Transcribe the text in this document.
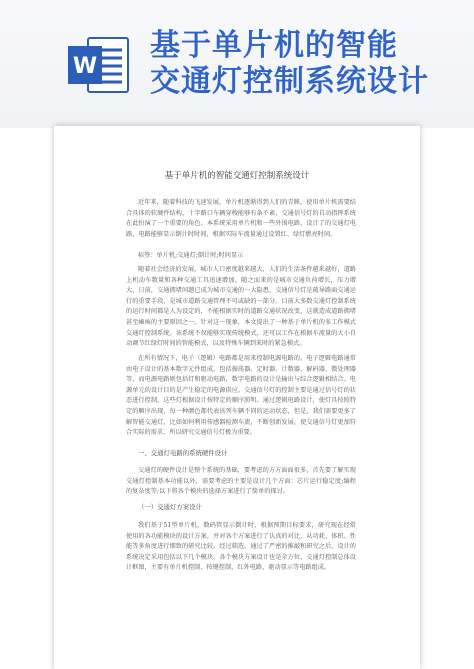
W
基于单片机的智能
交通灯控制系统设计
基于单片机的智能交通灯控制系统设计
近年来，随着科技的飞速发展，单片机逐渐得到人们的青睐，使用单片机需要结合具体的软硬件结构，十字路口车辆穿梭能够有条不紊，交通信号灯的自动指挥系统在此扮演了一个重要的角色。本系统采用单片机和一些外围电路，设计了的交通灯电路，电路能够显示倒计时时间，根据实际车流量通过设置红、绿灯燃亮时间。
标签：单片机;交通灯;倒计时;时间显示
随着社会经济的发展，城市人口密度越来越大，人们的生活条件越来越好，道路上机动车数量和各种交通工具迅速增加。随之而来的是城市交通负荷增长，压力增大，日前，交通拥堵问题已成为城市交通的一大隐患，交通信号灯是疏导路面交通运行的重要手段，是城市道路交通管理不可或缺的一部分。目前大多数交通灯控制系统的运行时间都是人为设定的，不能根据实时的道路交通状况改变，这就造成道路拥堵甚至瘫痪的主要原因之一。针对这一现象，本文提出了一种基于单片机的多工作模式交通灯控制系统。该系统不仅能够实现传统模式，还可以工作在根据车流量的大小自动调节红绿灯时间的智能模式，以及特殊车辆到来时的紧急模式。
在所有情况下，电子（逻辑）电路都是用来控制电源电路的。电子逻辑电路通常由电子设计的基本数字元件组成，包括振荡器、定时器、计数器、解码器、微处理器等，而电源电路则包括灯和驱动电路，数字电路的设计是输出与综合逻辑相结合。电源单元的设计目的是产生稳定的电源供应。交通信号灯的控制主要是通过信号灯的状态进行控制，这些灯根据设计按特定的顺序照明。通过逻辑电路设计，使灯具按照特定的顺序出现，每一种颜色都代表该列车辆不同的运动状态，但是，我们需要更多了解智能交通灯，比如如何利用传感器检测车流，不断创新发展，使交通信号灯更加符合实际的需求，所以研究交通信号灯极为重要。
一、交通灯电路的系统硬件设计
交通灯的硬件设计是整个系统的基础，要考虑的方方面面很多，首先要了解实现交通灯控制基本功能以外，需要考虑的主要是设计几个方面：芯片运行稳定度;编程的复杂度等;以下将各个模块的选择方案进行了简单的探讨。
（一）交通灯方案设计
我们基于51型单片机，数码管显示倒计时，根据预期目标要求，研究现在经常使用的各功能模块的设计方案，并对各个方案进行了认真的对比，从功耗、体积、性能等多角度进行细致的研究比较。经过筛选，通过了严密的推敲和研究之后，设计的系统决定采用包括以下几个模块，各个模块方案设计也是全方位，交通灯控制总体设计框图，主要有单片机控制、按键控制、红外电路，驱动显示等电路组成。
